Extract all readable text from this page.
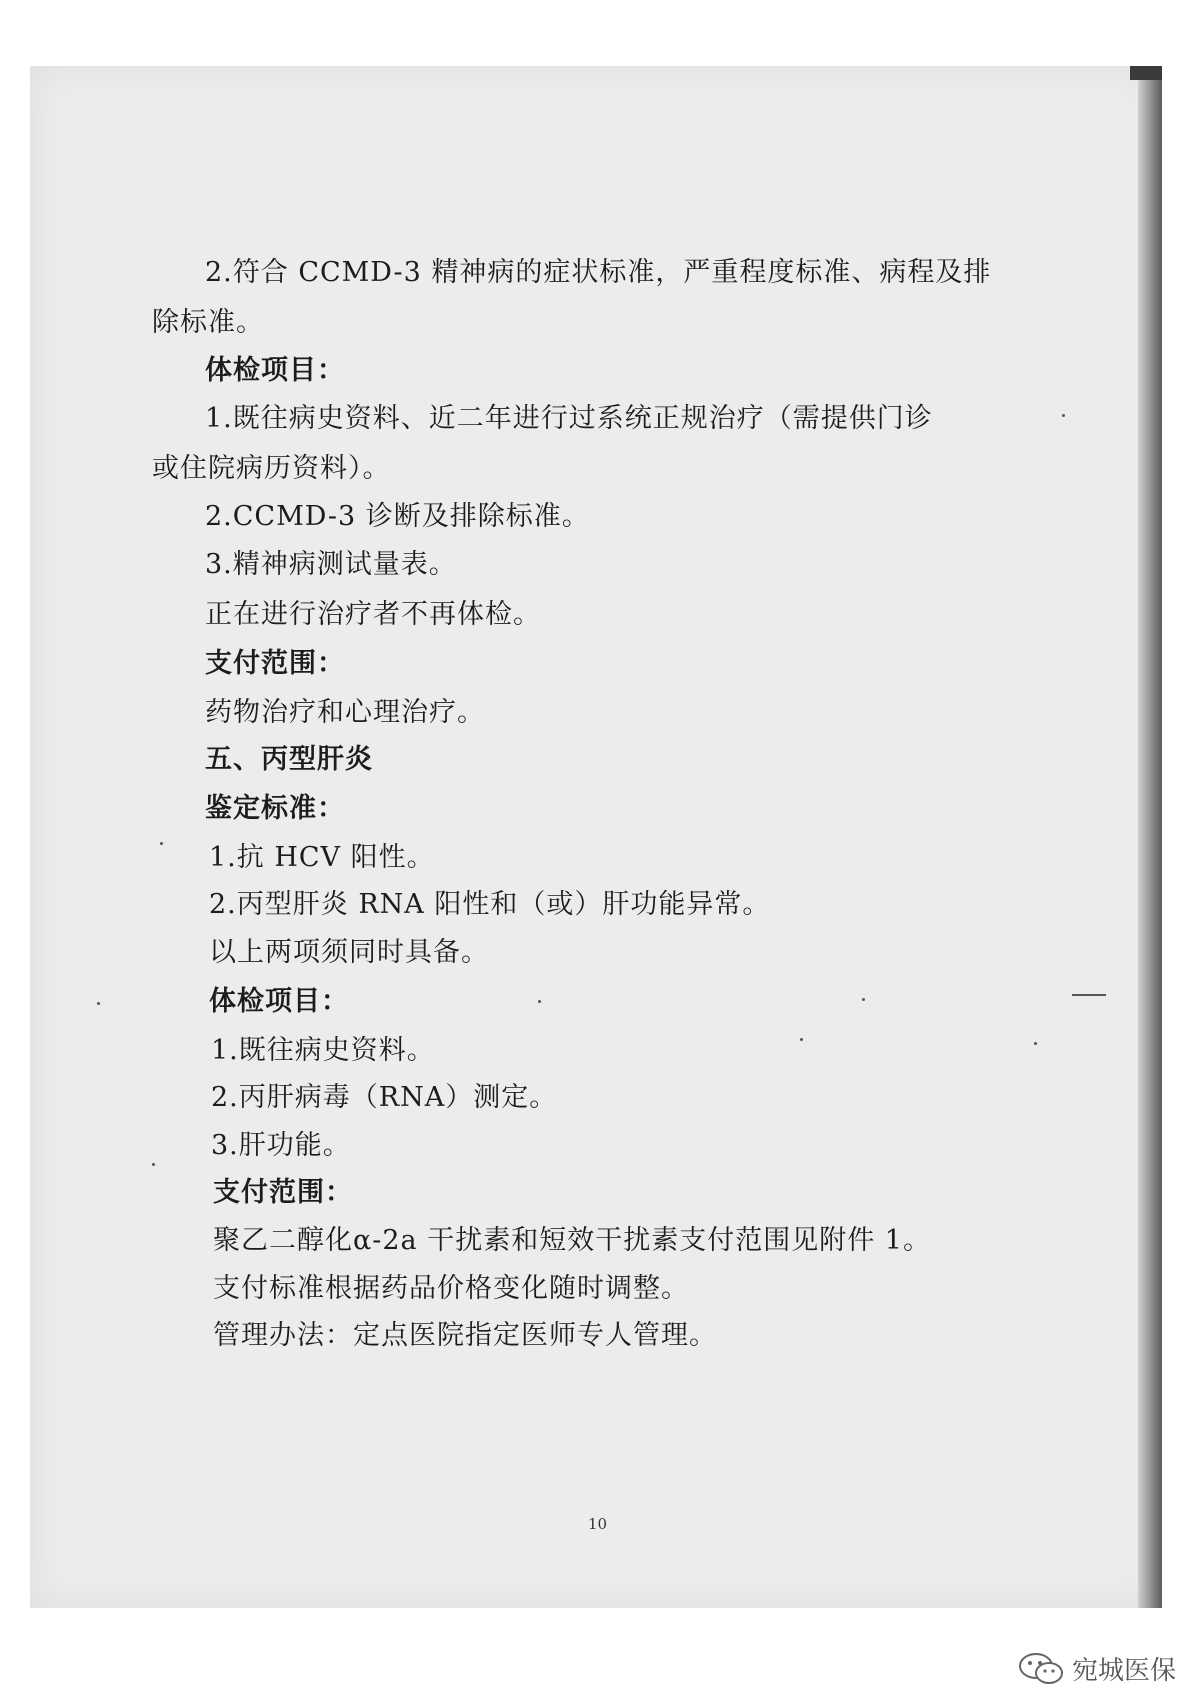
2.符合 CCMD-3 精神病的症状标准，严重程度标准、病程及排
除标准。
体检项目：
1.既往病史资料、近二年进行过系统正规治疗（需提供门诊
或住院病历资料）。
2.CCMD-3 诊断及排除标准。
3.精神病测试量表。
正在进行治疗者不再体检。
支付范围：
药物治疗和心理治疗。
五、丙型肝炎
鉴定标准：
1.抗 HCV 阳性。
2.丙型肝炎 RNA 阳性和（或）肝功能异常。
以上两项须同时具备。
体检项目：
1.既往病史资料。
2.丙肝病毒（RNA）测定。
3.肝功能。
支付范围：
聚乙二醇化α-2a 干扰素和短效干扰素支付范围见附件 1。
支付标准根据药品价格变化随时调整。
管理办法：定点医院指定医师专人管理。
10
宛城医保
